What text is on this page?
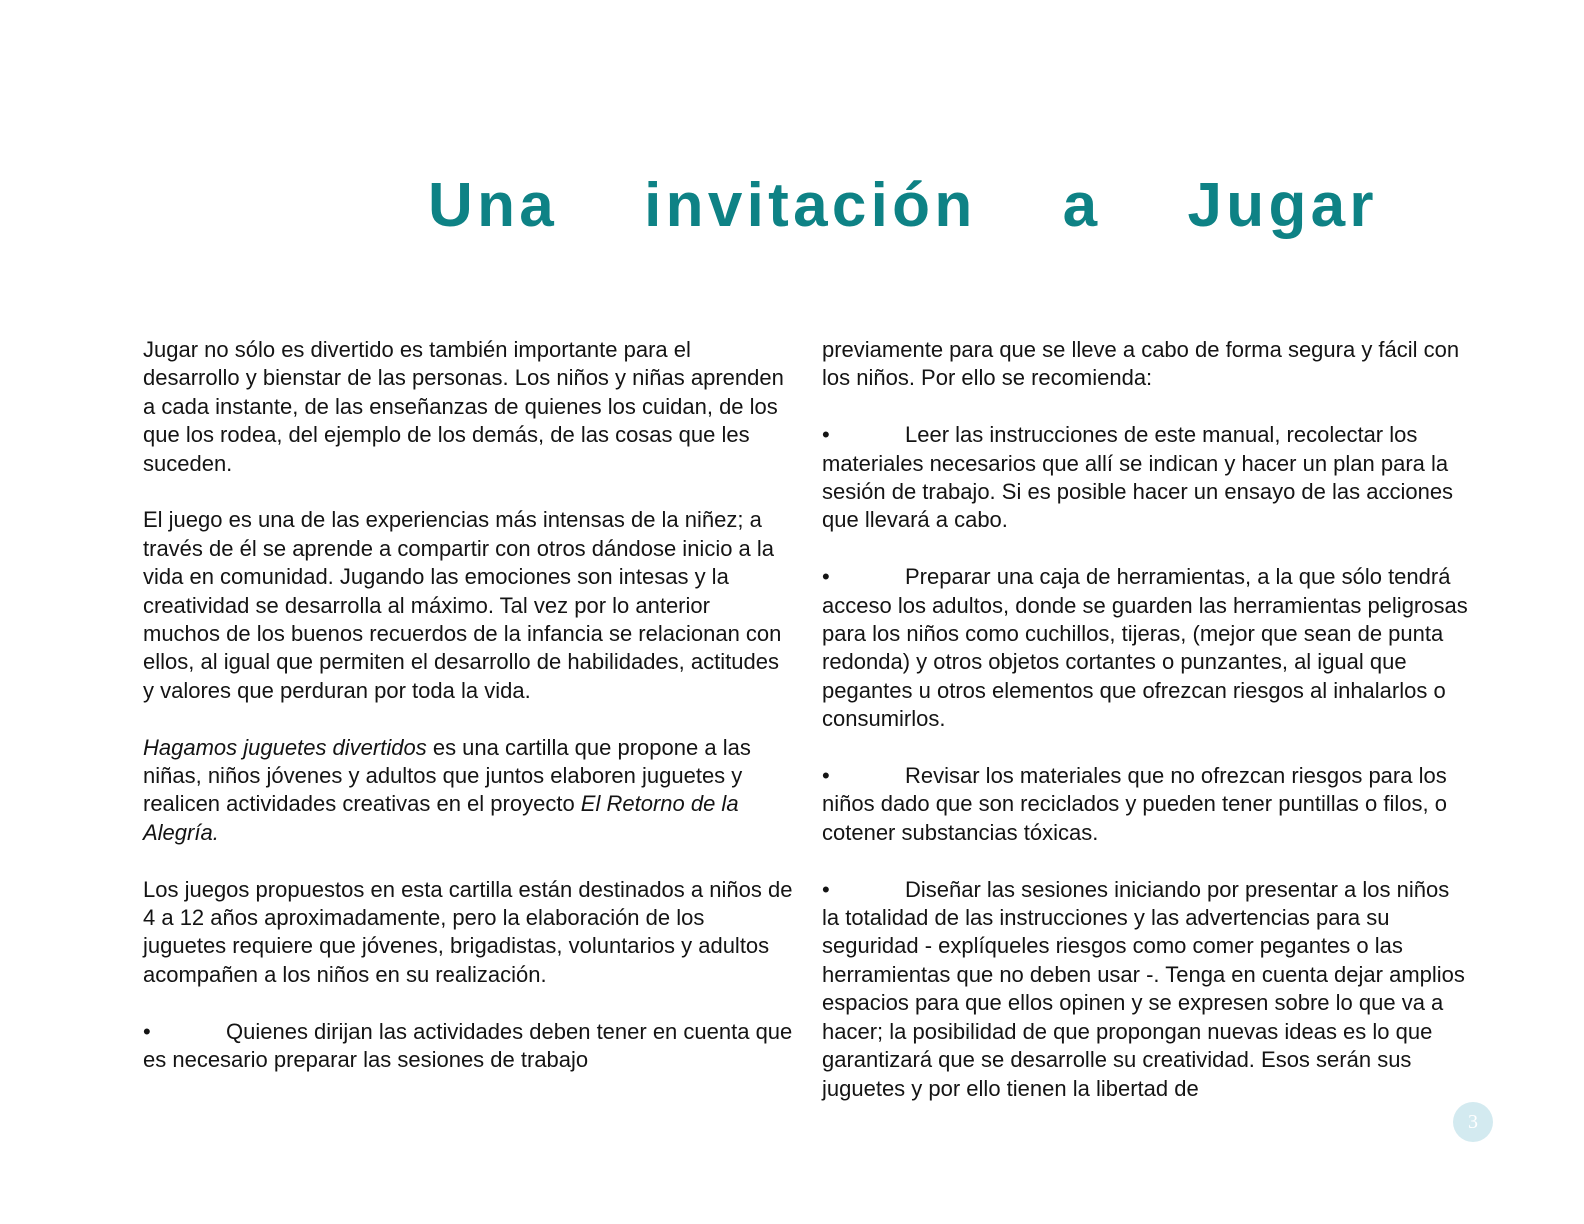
Una    invitación    a    Jugar

Jugar no sólo es divertido es también importante para el desarrollo y bienstar de las personas. Los niños y niñas aprenden a cada instante, de las enseñanzas de quienes los cuidan, de los que los rodea, del ejemplo de los demás, de las cosas que les suceden.

El juego es una de las experiencias más intensas de la niñez; a través de él se aprende a compartir con otros dándose inicio a la vida en comunidad. Jugando las emociones son intesas y la creatividad se desarrolla al máximo. Tal vez por lo anterior muchos de los buenos recuerdos de la infancia se relacionan con ellos, al igual que permiten el desarrollo de habilidades, actitudes y valores que perduran por toda la vida.

Hagamos juguetes divertidos es una cartilla que propone a las niñas, niños jóvenes y adultos que juntos elaboren juguetes y realicen actividades creativas en el proyecto El Retorno de la Alegría.

Los juegos propuestos en esta cartilla están destinados a niños de 4 a 12 años aproximadamente, pero la elaboración de los juguetes requiere que jóvenes, brigadistas, voluntarios y adultos acompañen a los niños en su realización.

•	Quienes dirijan las actividades deben tener en cuenta que es necesario preparar las sesiones de trabajo

previamente para que se lleve a cabo de forma segura y fácil con los niños. Por ello se recomienda:

•	Leer las instrucciones de este manual, recolectar los materiales necesarios que allí se indican y hacer un plan para la sesión de trabajo. Si es posible hacer un ensayo de las acciones que llevará a cabo.

•	Preparar una caja de herramientas, a la que sólo tendrá acceso los adultos, donde se guarden las herramientas peligrosas para los niños como cuchillos, tijeras, (mejor que sean de punta redonda) y otros objetos cortantes o punzantes, al igual que pegantes u otros elementos que ofrezcan riesgos al inhalarlos o consumirlos.

•	Revisar los materiales que no ofrezcan riesgos para los niños dado que son reciclados y pueden tener puntillas o filos, o cotener substancias tóxicas.

•	Diseñar las sesiones iniciando por presentar a los niños la totalidad de las instrucciones y las advertencias para su seguridad - explíqueles riesgos como comer pegantes o las herramientas que no deben usar -. Tenga en cuenta dejar amplios espacios para que ellos opinen y se expresen sobre lo que va a hacer; la posibilidad de que propongan nuevas ideas es lo que garantizará que se desarrolle su creatividad. Esos serán sus juguetes y por ello tienen la libertad de

3
